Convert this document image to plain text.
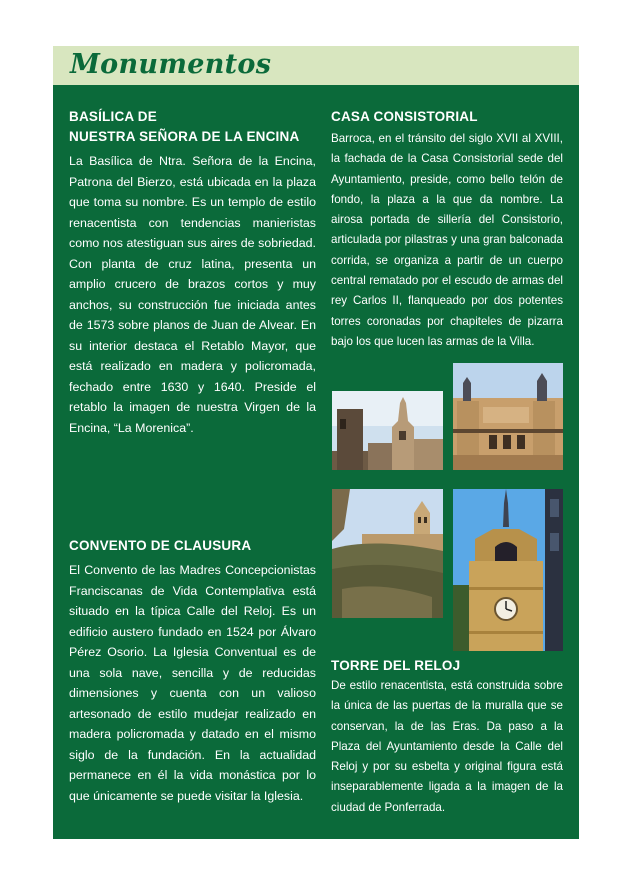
Monumentos
BASÍLICA DE
NUESTRA SEÑORA DE LA ENCINA

La Basílica de Ntra. Señora de la Encina, Patrona del Bierzo, está ubicada en la plaza que toma su nombre. Es un templo de estilo renacentista con tendencias manieristas como nos atestiguan sus aires de sobriedad. Con planta de cruz latina, presenta un amplio crucero de brazos cortos y muy anchos, su construcción fue iniciada antes de 1573 sobre planos de Juan de Alvear. En su interior destaca el Retablo Mayor, que está realizado en madera y policromada, fechado entre 1630 y 1640. Preside el retablo la imagen de nuestra Virgen de la Encina, “La Morenica”.

CONVENTO DE CLAUSURA

El Convento de las Madres Concepcionistas Franciscanas de Vida Contemplativa está situado en la típica Calle del Reloj. Es un edificio austero fundado en 1524 por Álvaro Pérez Osorio. La Iglesia Conventual es de una sola nave, sencilla y de reducidas dimensiones y cuenta con un valioso artesonado de estilo mudejar realizado en madera policromada y datado en el mismo siglo de la fundación. En la actualidad permanece en él la vida monástica por lo que únicamente se puede visitar la Iglesia.

CASA CONSISTORIAL

Barroca, en el tránsito del siglo XVII al XVIII, la fachada de la Casa Consistorial sede del Ayuntamiento, preside, como bello telón de fondo, la plaza a la que da nombre. La airosa portada de sillería del Consistorio, articulada por pilastras y una gran balconada corrida, se organiza a partir de un cuerpo central rematado por el escudo de armas del rey Carlos II, flanqueado por dos potentes torres coronadas por chapiteles de pizarra bajo los que lucen las armas de la Villa.

TORRE DEL RELOJ

De estilo renacentista, está construida sobre la única de las puertas de la muralla que se conservan, la de las Eras. Da paso a la Plaza del Ayuntamiento desde la Calle del Reloj y por su esbelta y original figura está inseparablemente ligada a la imagen de la ciudad de Ponferrada.
